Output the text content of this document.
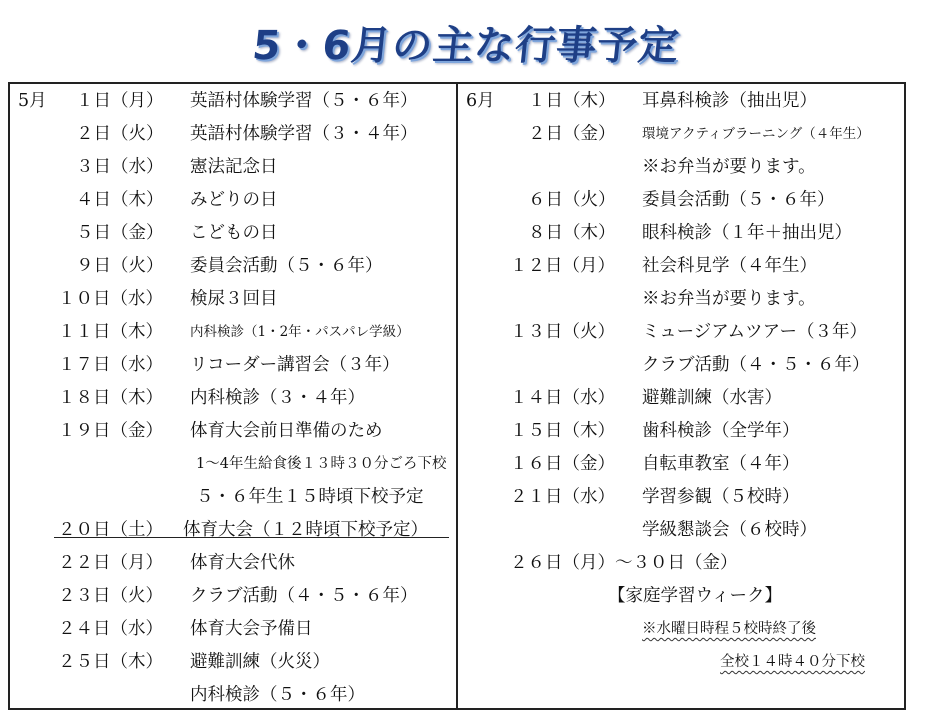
5・6月の主な行事予定
5月 １日（月） 英語村体験学習（５・６年）
２日（火） 英語村体験学習（３・４年）
３日（水） 憲法記念日
４日（木） みどりの日
５日（金） こどもの日
９日（火） 委員会活動（５・６年）
１０日（水） 検尿３回目
１１日（木） 内科検診（1・2年・パスパレ学級）
１７日（水） リコーダー講習会（３年）
１８日（木） 内科検診（３・４年）
１９日（金） 体育大会前日準備のため
1～4年生給食後１３時３０分ごろ下校
５・６年生１５時頃下校予定
２０日（土） 体育大会（１２時頃下校予定）
２２日（月） 体育大会代休
２３日（火） クラブ活動（４・５・６年）
２４日（水） 体育大会予備日
２５日（木） 避難訓練（火災）
内科検診（５・６年）
6月 １日（木） 耳鼻科検診（抽出児）
２日（金） 環境アクティブラーニング（４年生）
※お弁当が要ります。
６日（火） 委員会活動（５・６年）
８日（木） 眼科検診（１年＋抽出児）
１２日（月） 社会科見学（４年生）
※お弁当が要ります。
１３日（火） ミュージアムツアー（３年）
クラブ活動（４・５・６年）
１４日（水） 避難訓練（水害）
１５日（木） 歯科検診（全学年）
１６日（金） 自転車教室（４年）
２１日（水） 学習参観（５校時）
学級懇談会（６校時）
２６日（月）～３０日（金）
【家庭学習ウィーク】
※水曜日時程５校時終了後
全校１４時４０分下校
